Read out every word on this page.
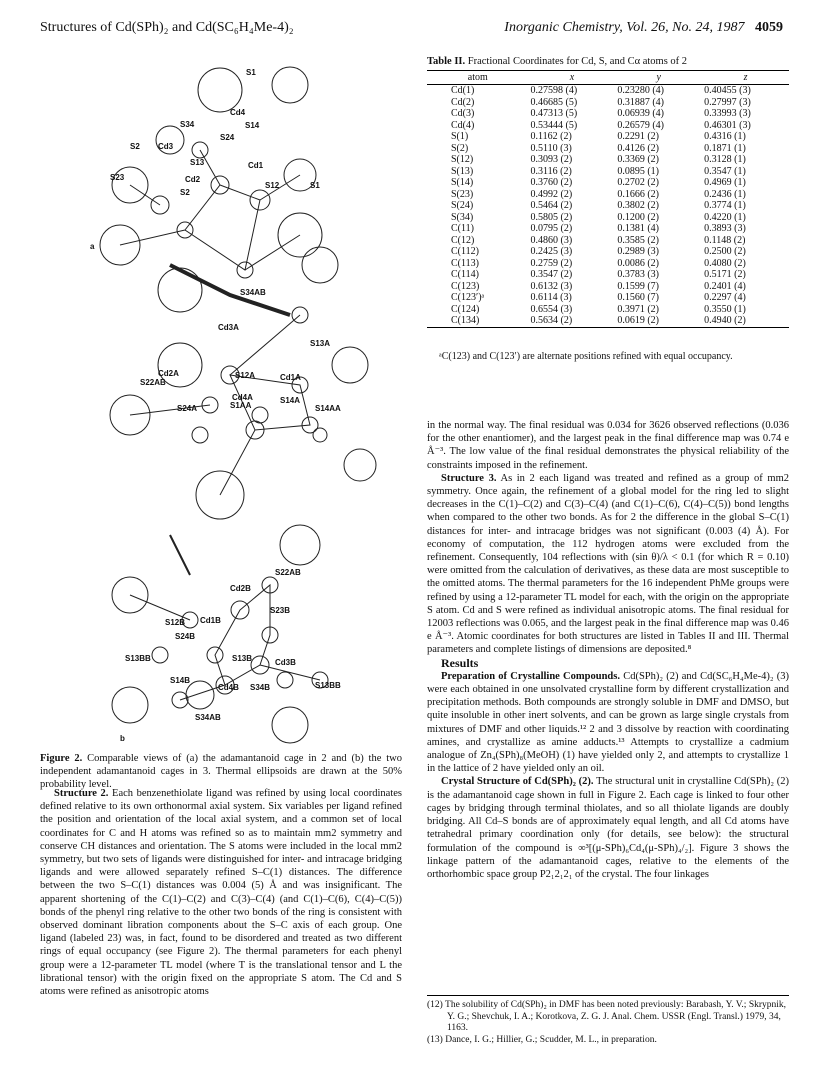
Structures of Cd(SPh)₂ and Cd(SC₆H₄Me-4)₂	Inorganic Chemistry, Vol. 26, No. 24, 1987 4059
S1
Cd4
S34	S14
S24
S2 Cd3
S13	Cd1
S23	Cd2
S12	S1
S2
a
S34AB
Cd3A
S13A
Cd2A
S22AB
S12A	Cd1A
Cd4A
S24A
S14A
S14AA
S1AA
S22AB
Cd2B
S12B
S23B
S24B
Cd1B
S13BB	S13B	Cd3B
S14B
Cd4B S34B	S13BB
S34AB
b
Figure 2. Comparable views of (a) the adamantanoid cage in 2 and (b) the two independent adamantanoid cages in 3. Thermal ellipsoids are drawn at the 50% probability level.

Structure 2. Each benzenethiolate ligand was refined by using local coordinates defined relative to its own orthonormal axial system. Six variables per ligand refined the position and orientation of the local axial system, and a common set of local coordinates for C and H atoms was refined so as to maintain mm2 symmetry and conserve CH distances and orientation. The S atoms were included in the local mm2 symmetry, but two sets of ligands were distinguished for inter- and intracage bridging ligands and were allowed separately refined S–C(1) distances. The difference between the two S–C(1) distances was 0.004 (5) Å and was insignificant. The apparent shortening of the C(1)–C(2) and C(3)–C(4) (and C(1)–C(6), C(4)–C(5)) bonds of the phenyl ring relative to the other two bonds of the ring is consistent with observed dominant libration components about the S–C axis of each group. One ligand (labeled 23) was, in fact, found to be disordered and treated as two different rings of equal occupancy (see Figure 2). The thermal parameters for each phenyl group were a 12-parameter TL model (where T is the translational tensor and L the librational tensor) with the origin fixed on the appropriate S atom. The Cd and S atoms were refined as anisotropic atoms

Table II. Fractional Coordinates for Cd, S, and Cα atoms of 2
atom	x	y	z
Cd(1)	0.27598 (4)	0.23280 (4)	0.40455 (3)
Cd(2)	0.46685 (5)	0.31887 (4)	0.27997 (3)
Cd(3)	0.47313 (5)	0.06939 (4)	0.33993 (3)
Cd(4)	0.53444 (5)	0.26579 (4)	0.46301 (3)
S(1)	0.1162 (2)	0.2291 (2)	0.4316 (1)
S(2)	0.5110 (3)	0.4126 (2)	0.1871 (1)
S(12)	0.3093 (2)	0.3369 (2)	0.3128 (1)
S(13)	0.3116 (2)	0.0895 (1)	0.3547 (1)
S(14)	0.3760 (2)	0.2702 (2)	0.4969 (1)
S(23)	0.4992 (2)	0.1666 (2)	0.2436 (1)
S(24)	0.5464 (2)	0.3802 (2)	0.3774 (1)
S(34)	0.5805 (2)	0.1200 (2)	0.4220 (1)
C(11)	0.0795 (2)	0.1381 (4)	0.3893 (3)
C(12)	0.4860 (3)	0.3585 (2)	0.1148 (2)
C(112)	0.2425 (3)	0.2989 (3)	0.2500 (2)
C(113)	0.2759 (2)	0.0086 (2)	0.4080 (2)
C(114)	0.3547 (2)	0.3783 (3)	0.5171 (2)
C(123)	0.6132 (3)	0.1599 (7)	0.2401 (4)
C(123′)ᵃ	0.6114 (3)	0.1560 (7)	0.2297 (4)
C(124)	0.6554 (3)	0.3971 (2)	0.3550 (1)
C(134)	0.5634 (2)	0.0619 (2)	0.4940 (2)
ᵃC(123) and C(123′) are alternate positions refined with equal occupancy.

in the normal way. The final residual was 0.034 for 3626 observed reflections (0.036 for the other enantiomer), and the largest peak in the final difference map was 0.74 e Å⁻³. The low value of the final residual demonstrates the physical reliability of the constraints imposed in the refinement.

Structure 3. As in 2 each ligand was treated and refined as a group of mm2 symmetry. Once again, the refinement of a global model for the ring led to slight decreases in the C(1)–C(2) and C(3)–C(4) (and C(1)–C(6), C(4)–C(5)) bond lengths when compared to the other two bonds. As for 2 the difference in the global S–C(1) distances for inter- and intracage bridges was not significant (0.003 (4) Å). For economy of computation, the 112 hydrogen atoms were excluded from the refinement. Consequently, 104 reflections with (sin θ)/λ < 0.1 (for which R = 0.10) were omitted from the calculation of derivatives, as these data are most susceptible to the omitted atoms. The thermal parameters for the 16 independent PhMe groups were refined by using a 12-parameter TL model for each, with the origin on the appropriate S atom. Cd and S were refined as individual anisotropic atoms. The final residual for 12003 reflections was 0.065, and the largest peak in the final difference map was 0.46 e Å⁻³. Atomic coordinates for both structures are listed in Tables II and III. Thermal parameters and complete listings of dimensions are deposited.⁸

Results

Preparation of Crystalline Compounds. Cd(SPh)₂ (2) and Cd(SC₆H₄Me-4)₂ (3) were each obtained in one unsolvated crystalline form by different crystallization and precipitation methods. Both compounds are strongly soluble in DMF and DMSO, but quite insoluble in other inert solvents, and can be grown as large single crystals from mixtures of DMF and other liquids.¹² 2 and 3 dissolve by reaction with coordinating amines, and crystallize as amine adducts.¹³ Attempts to crystallize a cadmium analogue of Zn₄(SPh)₈(MeOH) (1) have yielded only 2, and attempts to crystallize 1 in the lattice of 2 have yielded only an oil.

Crystal Structure of Cd(SPh)₂ (2). The structural unit in crystalline Cd(SPh)₂ (2) is the adamantanoid cage shown in full in Figure 2. Each cage is linked to four other cages by bridging through terminal thiolates, and so all thiolate ligands are doubly bridging. All Cd–S bonds are of approximately equal length, and all Cd atoms have tetrahedral primary coordination only (for details, see below): the structural formulation of the compound is ∞³[(μ-SPh)₆Cd₄(μ-SPh)₄/₂]. Figure 3 shows the linkage pattern of the adamantanoid cages, relative to the elements of the orthorhombic space group P2₁2₁2₁ of the crystal. The four linkages

(12) The solubility of Cd(SPh)₂ in DMF has been noted previously: Barabash, Y. V.; Skrypnik, Y. G.; Shevchuk, I. A.; Korotkova, Z. G. J. Anal. Chem. USSR (Engl. Transl.) 1979, 34, 1163.
(13) Dance, I. G.; Hillier, G.; Scudder, M. L., in preparation.
